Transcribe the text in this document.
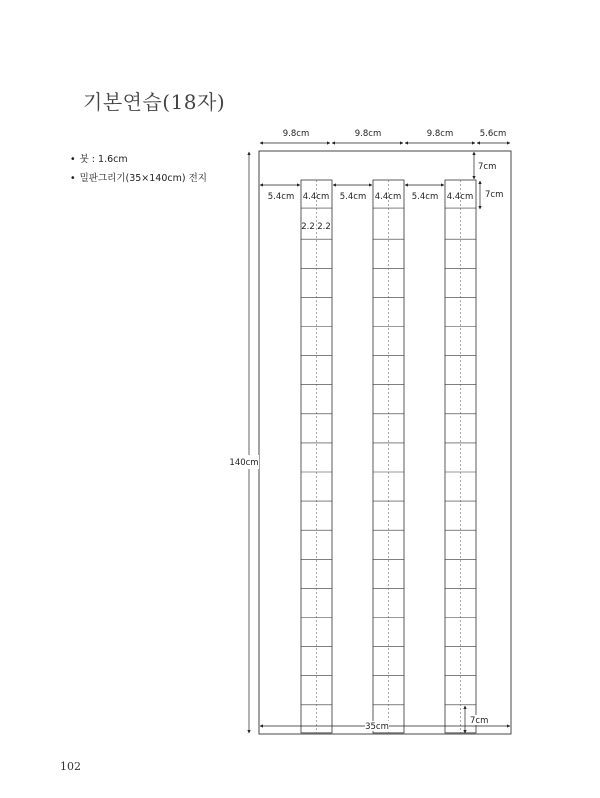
기본연습(18자)
• 붓 : 1.6cm
• 밀판그리기(35×140cm) 전지
9.8cm	9.8cm	9.8cm	5.6cm
7cm
7cm
5.4cm	5.4cm	5.4cm
4.4cm	4.4cm	4.4cm
2.2 2.2
140cm
35cm
7cm
102
